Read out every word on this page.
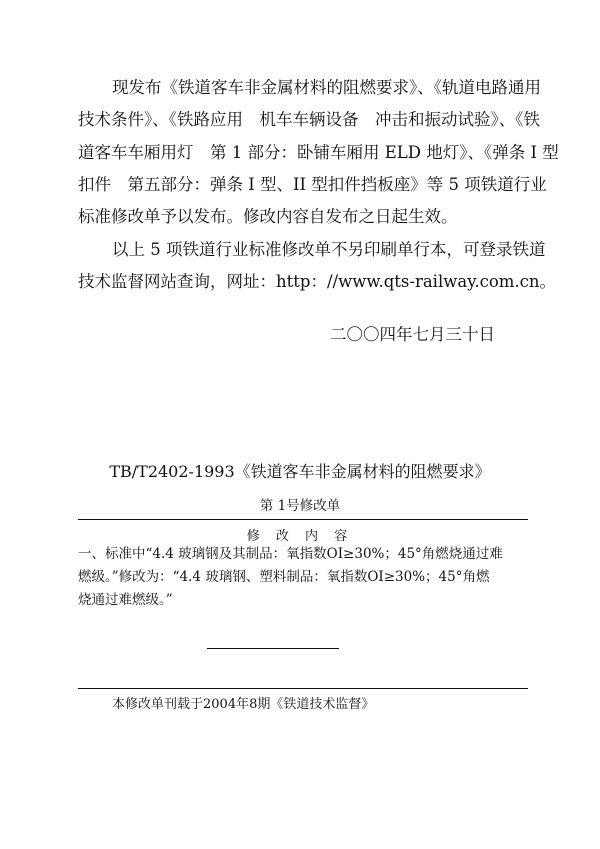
现发布《铁道客车非金属材料的阻燃要求》、《轨道电路通用
技术条件》、《铁路应用　机车车辆设备　冲击和振动试验》、《铁
道客车车厢用灯　第 1 部分：卧铺车厢用 ELD 地灯》、《弹条 I 型
扣件　第五部分：弹条 I 型、II 型扣件挡板座》等 5 项铁道行业
标准修改单予以发布。修改内容自发布之日起生效。
以上 5 项铁道行业标准修改单不另印刷单行本，可登录铁道
技术监督网站查询，网址：http：//www.qts-railway.com.cn。
二〇〇四年七月三十日
TB/T2402-1993《铁道客车非金属材料的阻燃要求》
第 1号修改单
修 改 内 容
一、标准中“4.4 玻璃钢及其制品：氧指数OI≥30%；45°角燃烧通过难
燃级。”修改为：“4.4 玻璃钢、塑料制品：氧指数OI≥30%；45°角燃
烧通过难燃级。”
本修改单刊载于2004年8期《铁道技术监督》
